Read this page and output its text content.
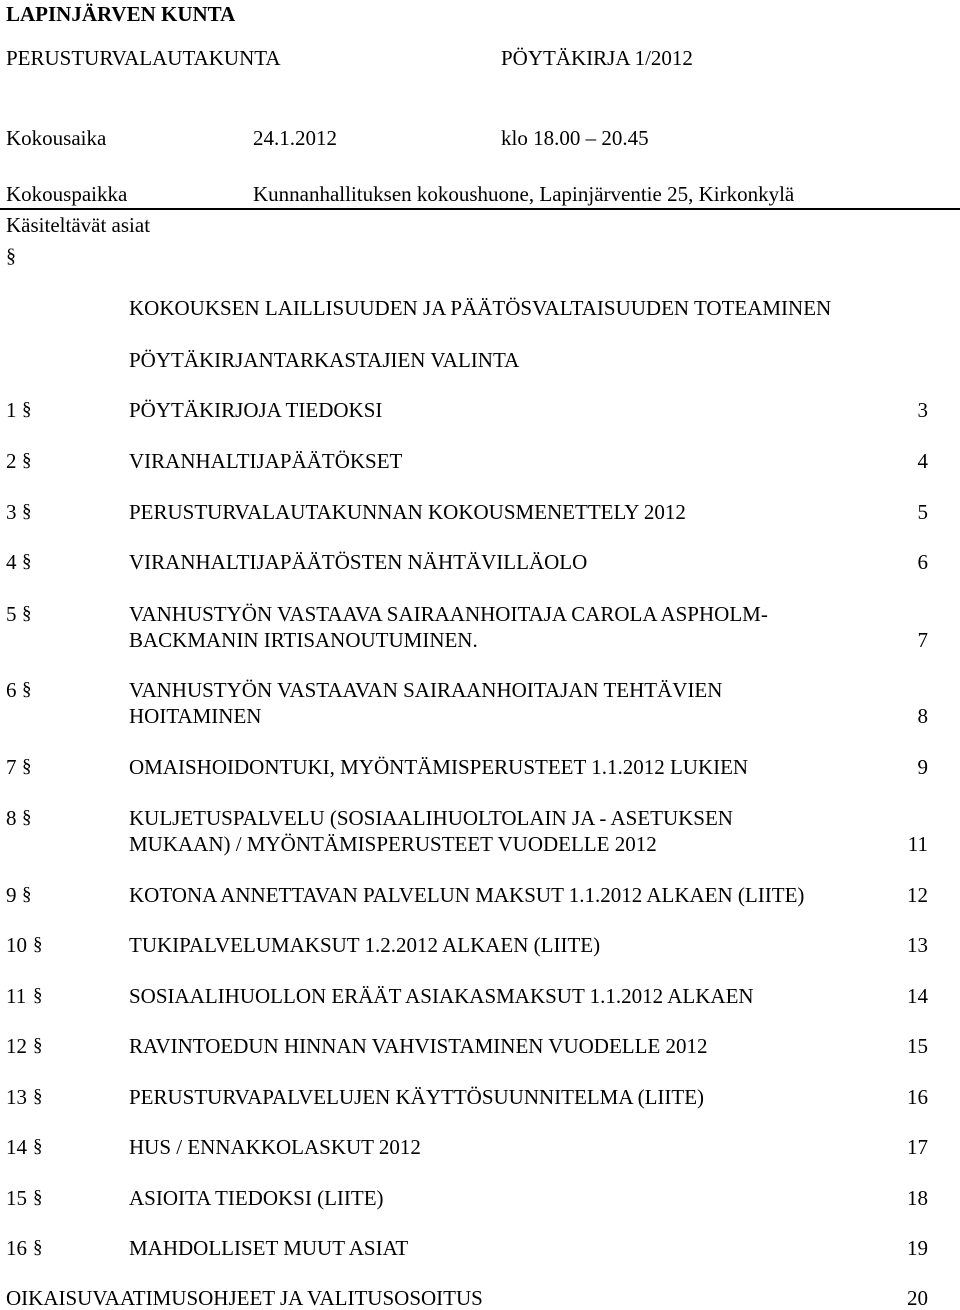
LAPINJÄRVEN KUNTA
PERUSTURVALAUTAKUNTA	PÖYTÄKIRJA 1/2012
Kokousaika	24.1.2012	klo 18.00 – 20.45
Kokouspaikka	Kunnanhallituksen kokoushuone, Lapinjärventie 25, Kirkonkylä
Käsiteltävät asiat
§
KOKOUKSEN LAILLISUUDEN JA PÄÄTÖSVALTAISUUDEN TOTEAMINEN
PÖYTÄKIRJANTARKASTAJIEN VALINTA
1 §	PÖYTÄKIRJOJA TIEDOKSI	3
2 §	VIRANHALTIJAPÄÄTÖKSET	4
3 §	PERUSTURVALAUTAKUNNAN KOKOUSMENETTELY 2012	5
4 §	VIRANHALTIJAPÄÄTÖSTEN NÄHTÄVILLÄOLO	6
5 §	VANHUSTYÖN VASTAAVA SAIRAANHOITAJA CAROLA ASPHOLM-
BACKMANIN IRTISANOUTUMINEN.	7
6 §	VANHUSTYÖN VASTAAVAN SAIRAANHOITAJAN TEHTÄVIEN
HOITAMINEN	8
7 §	OMAISHOIDONTUKI, MYÖNTÄMISPERUSTEET 1.1.2012 LUKIEN	9
8 §	KULJETUSPALVELU (SOSIAALIHUOLTOLAIN JA - ASETUKSEN
MUKAAN) / MYÖNTÄMISPERUSTEET VUODELLE 2012	11
9 §	KOTONA ANNETTAVAN PALVELUN MAKSUT 1.1.2012 ALKAEN (LIITE)	12
10 §	TUKIPALVELUMAKSUT 1.2.2012 ALKAEN (LIITE)	13
11 §	SOSIAALIHUOLLON ERÄÄT ASIAKASMAKSUT 1.1.2012 ALKAEN	14
12 §	RAVINTOEDUN HINNAN VAHVISTAMINEN VUODELLE 2012	15
13 §	PERUSTURVAPALVELUJEN KÄYTTÖSUUNNITELMA (LIITE)	16
14 §	HUS / ENNAKKOLASKUT 2012	17
15 §	ASIOITA TIEDOKSI (LIITE)	18
16 §	MAHDOLLISET MUUT ASIAT	19
OIKAISUVAATIMUSOHJEET JA VALITUSOSOITUS	20
